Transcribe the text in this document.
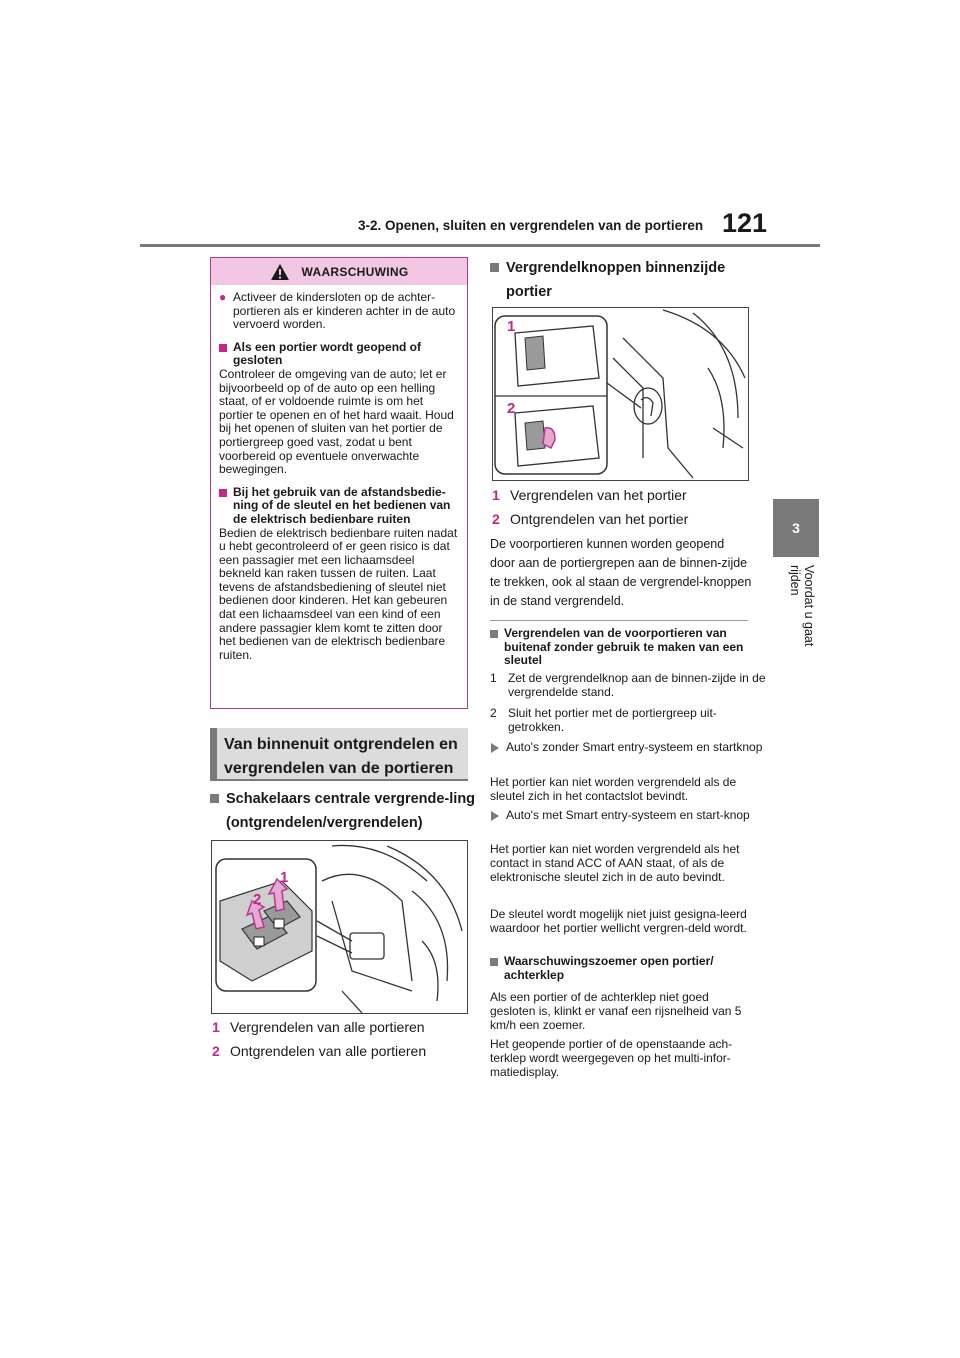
3-2. Openen, sluiten en vergrendelen van de portieren 121
3
Voordat u gaat rijden
WAARSCHUWING
● Activeer de kindersloten op de achter-portieren als er kinderen achter in de auto vervoerd worden.
Als een portier wordt geopend of gesloten
Controleer de omgeving van de auto; let er bijvoorbeeld op of de auto op een helling staat, of er voldoende ruimte is om het portier te openen en of het hard waait. Houd bij het openen of sluiten van het portier de portiergreep goed vast, zodat u bent voorbereid op eventuele onverwachte bewegingen.
Bij het gebruik van de afstandsbedie-ning of de sleutel en het bedienen van de elektrisch bedienbare ruiten
Bedien de elektrisch bedienbare ruiten nadat u hebt gecontroleerd of er geen risico is dat een passagier met een lichaamsdeel bekneld kan raken tussen de ruiten. Laat tevens de afstandsbediening of sleutel niet bedienen door kinderen. Het kan gebeuren dat een lichaamsdeel van een kind of een andere passagier klem komt te zitten door het bedienen van de elektrisch bedienbare ruiten.
Van binnenuit ontgrendelen en vergrendelen van de portieren
Schakelaars centrale vergrende-ling (ontgrendelen/vergrendelen)
1
2
1 Vergrendelen van alle portieren
2 Ontgrendelen van alle portieren
Vergrendelknoppen binnenzijde portier
1
2
1 Vergrendelen van het portier
2 Ontgrendelen van het portier
De voorportieren kunnen worden geopend door aan de portiergrepen aan de binnen-zijde te trekken, ook al staan de vergrendel-knoppen in de stand vergrendeld.
Vergrendelen van de voorportieren van buitenaf zonder gebruik te maken van een sleutel
1 Zet de vergrendelknop aan de binnen-zijde in de vergrendelde stand.
2 Sluit het portier met de portiergreep uit-getrokken.
Auto's zonder Smart entry-systeem en startknop
Het portier kan niet worden vergrendeld als de sleutel zich in het contactslot bevindt.
Auto's met Smart entry-systeem en start-knop
Het portier kan niet worden vergrendeld als het contact in stand ACC of AAN staat, of als de elektronische sleutel zich in de auto bevindt.
De sleutel wordt mogelijk niet juist gesigna-leerd waardoor het portier wellicht vergren-deld wordt.
Waarschuwingszoemer open portier/ achterklep
Als een portier of de achterklep niet goed gesloten is, klinkt er vanaf een rijsnelheid van 5 km/h een zoemer.
Het geopende portier of de openstaande ach-terklep wordt weergegeven op het multi-infor-matiedisplay.
